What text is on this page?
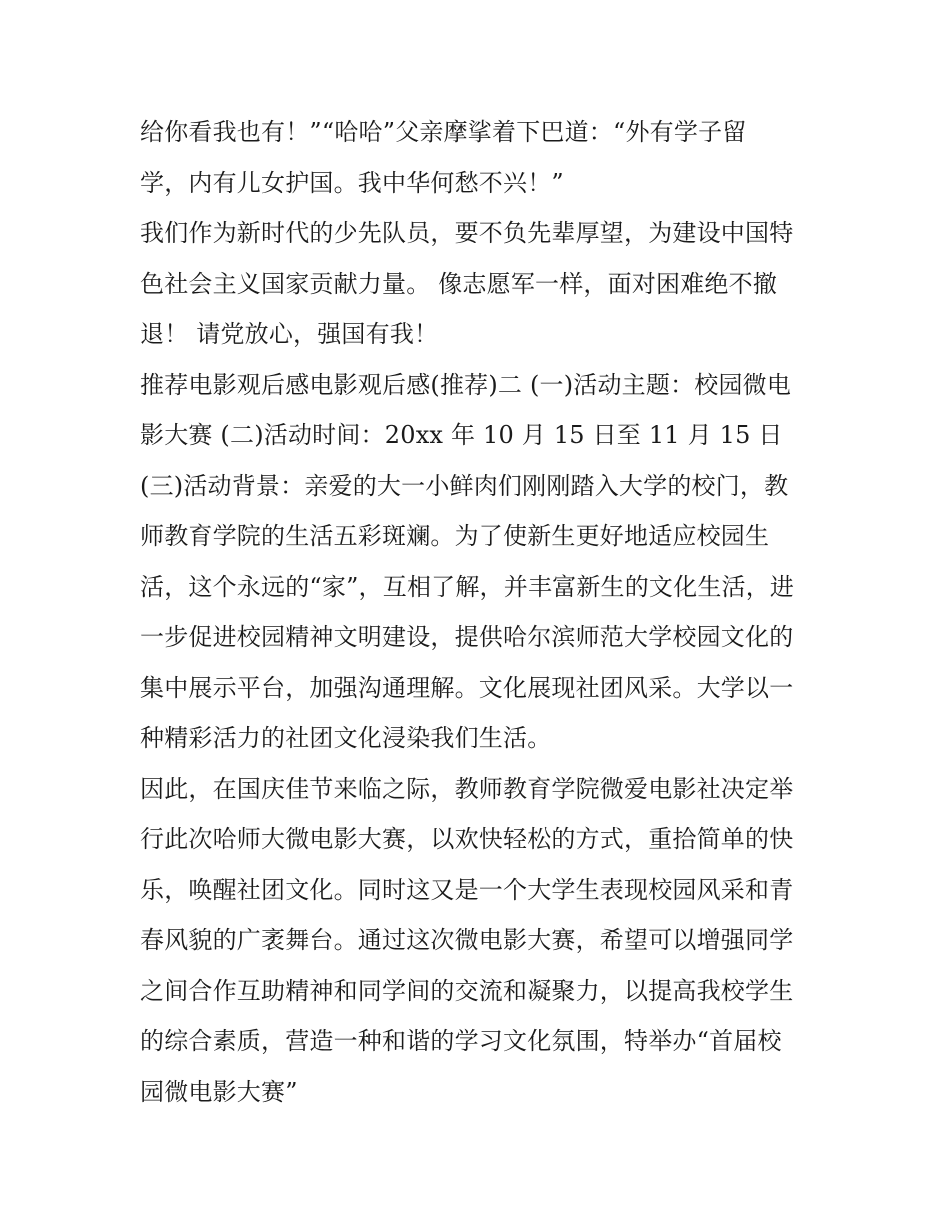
给你看我也有！”“哈哈”父亲摩挲着下巴道：“外有学子留
学，内有儿女护国。我中华何愁不兴！”
我们作为新时代的少先队员，要不负先辈厚望，为建设中国特
色社会主义国家贡献力量。 像志愿军一样，面对困难绝不撤
退！ 请党放心，强国有我！
推荐电影观后感电影观后感(推荐)二 (一)活动主题：校园微电
影大赛 (二)活动时间：20xx 年 10 月 15 日至 11 月 15 日
(三)活动背景：亲爱的大一小鲜肉们刚刚踏入大学的校门，教
师教育学院的生活五彩斑斓。为了使新生更好地适应校园生
活，这个永远的“家”，互相了解，并丰富新生的文化生活，进
一步促进校园精神文明建设，提供哈尔滨师范大学校园文化的
集中展示平台，加强沟通理解。文化展现社团风采。大学以一
种精彩活力的社团文化浸染我们生活。
因此，在国庆佳节来临之际，教师教育学院微爱电影社决定举
行此次哈师大微电影大赛，以欢快轻松的方式，重拾简单的快
乐，唤醒社团文化。同时这又是一个大学生表现校园风采和青
春风貌的广袤舞台。通过这次微电影大赛，希望可以增强同学
之间合作互助精神和同学间的交流和凝聚力，以提高我校学生
的综合素质，营造一种和谐的学习文化氛围，特举办“首届校
园微电影大赛”
